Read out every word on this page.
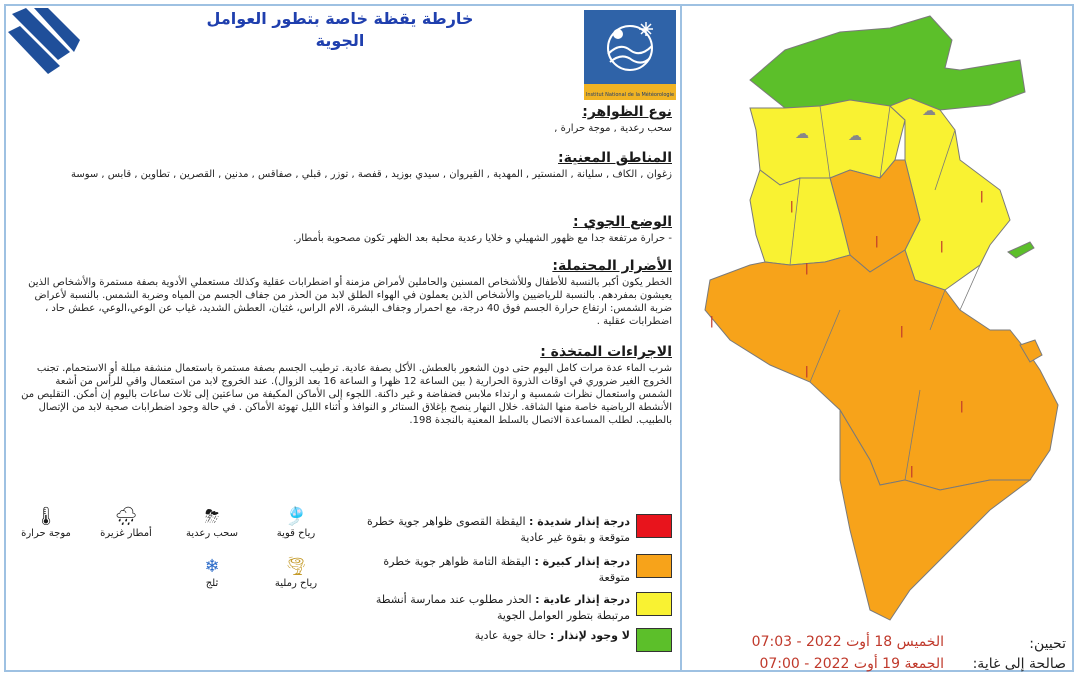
خارطة يقظة خاصة بتطور العوامل الجوية
Institut National de la Météorologie
نوع الظواهر:

سحب رعدية , موجة حرارة ,

المناطق المعنية:

زغوان , الكاف , سليانة , المنستير , المهدية , القيروان , سيدي بوزيد , قفصة , توزر , قبلي , صفاقس , مدنين , القصرين , تطاوين , قابس , سوسة

الوضع الجوي :

- حرارة مرتفعة جدا مع ظهور الشهيلي و خلايا رعدية محلية بعد الظهر تكون مصحوبة بأمطار.

الأضرار المحتملة:

الخطر يكون أكبر بالنسبة للأطفال وللأشخاص المسنين والحاملين لأمراض مزمنة أو اضطرابات عقلية وكذلك مستعملي الأدوية بصفة مستمرة والأشخاص الذين يعيشون بمفردهم. بالنسبة للرياضيين والأشخاص الذين يعملون في الهواء الطلق لابد من الحذر من جفاف الجسم من المياه وضربة الشمس. بالنسبة لأعراض ضربة الشمس: ارتفاع حرارة الجسم فوق 40 درجة، مع احمرار وجفاف البشرة، الام الراس، غثيان، العطش الشديد، غياب عن الوعي،الوعي، عطش حاد ، اضطرابات عقلية .

الاجراءات المتخذة :

شرب الماء عدة مرات كامل اليوم حتى دون الشعور بالعطش. الأكل بصفة عادية. ترطيب الجسم بصفة مستمرة باستعمال منشفة مبللة أو الاستحمام. تجنب الخروج الغير ضروري في اوقات الذروة الحرارية ( بين الساعة 12 ظهرا و الساعة 16 بعد الزوال). عند الخروج لابد من استعمال واقي للرأس من أشعة الشمس واستعمال نظرات شمسية و ارتداء ملابس فضفاضة و غير داكنة. اللجوء إلى الأماكن المكيفة من ساعتين إلى ثلاث ساعات باليوم إن أمكن. التقليص من الأنشطة الرياضية خاصة منها الشاقة. خلال النهار ينصح بإغلاق الستائر و النوافذ و أثناء الليل تهوئة الأماكن . في حالة وجود اضطرابات صحية لابد من الإتصال بالطبيب. لطلب المساعدة الاتصال بالسلط المعنية بالنجدة 198.

🌡
موجة حرارة
🌧
أمطار غزيرة
⛈
سحب رعدية
🎐
رياح قوية
❄
ثلج
🌪
رياح رملية
درجة إنذار شديدة : اليقظة القصوى ظواهر جوية خطرة متوقعة و بقوة غير عادية
درجة إنذار كبيرة : اليقظة التامة ظواهر جوية خطرة متوقعة
درجة إنذار عادية : الحذر مطلوب عند ممارسة أنشطة مرتبطة بتطور العوامل الجوية
لا وجود لإنذار : حالة جوية عادية
☁	☁
☁
ǀ
ǀ
ǀ
ǀ
ǀ
ǀ
ǀ
ǀ
ǀ
ǀ
تحيين:
الخميس 18 أوت 2022 - 07:03
صالحة إلى غاية:
الجمعة 19 أوت 2022 - 07:00
